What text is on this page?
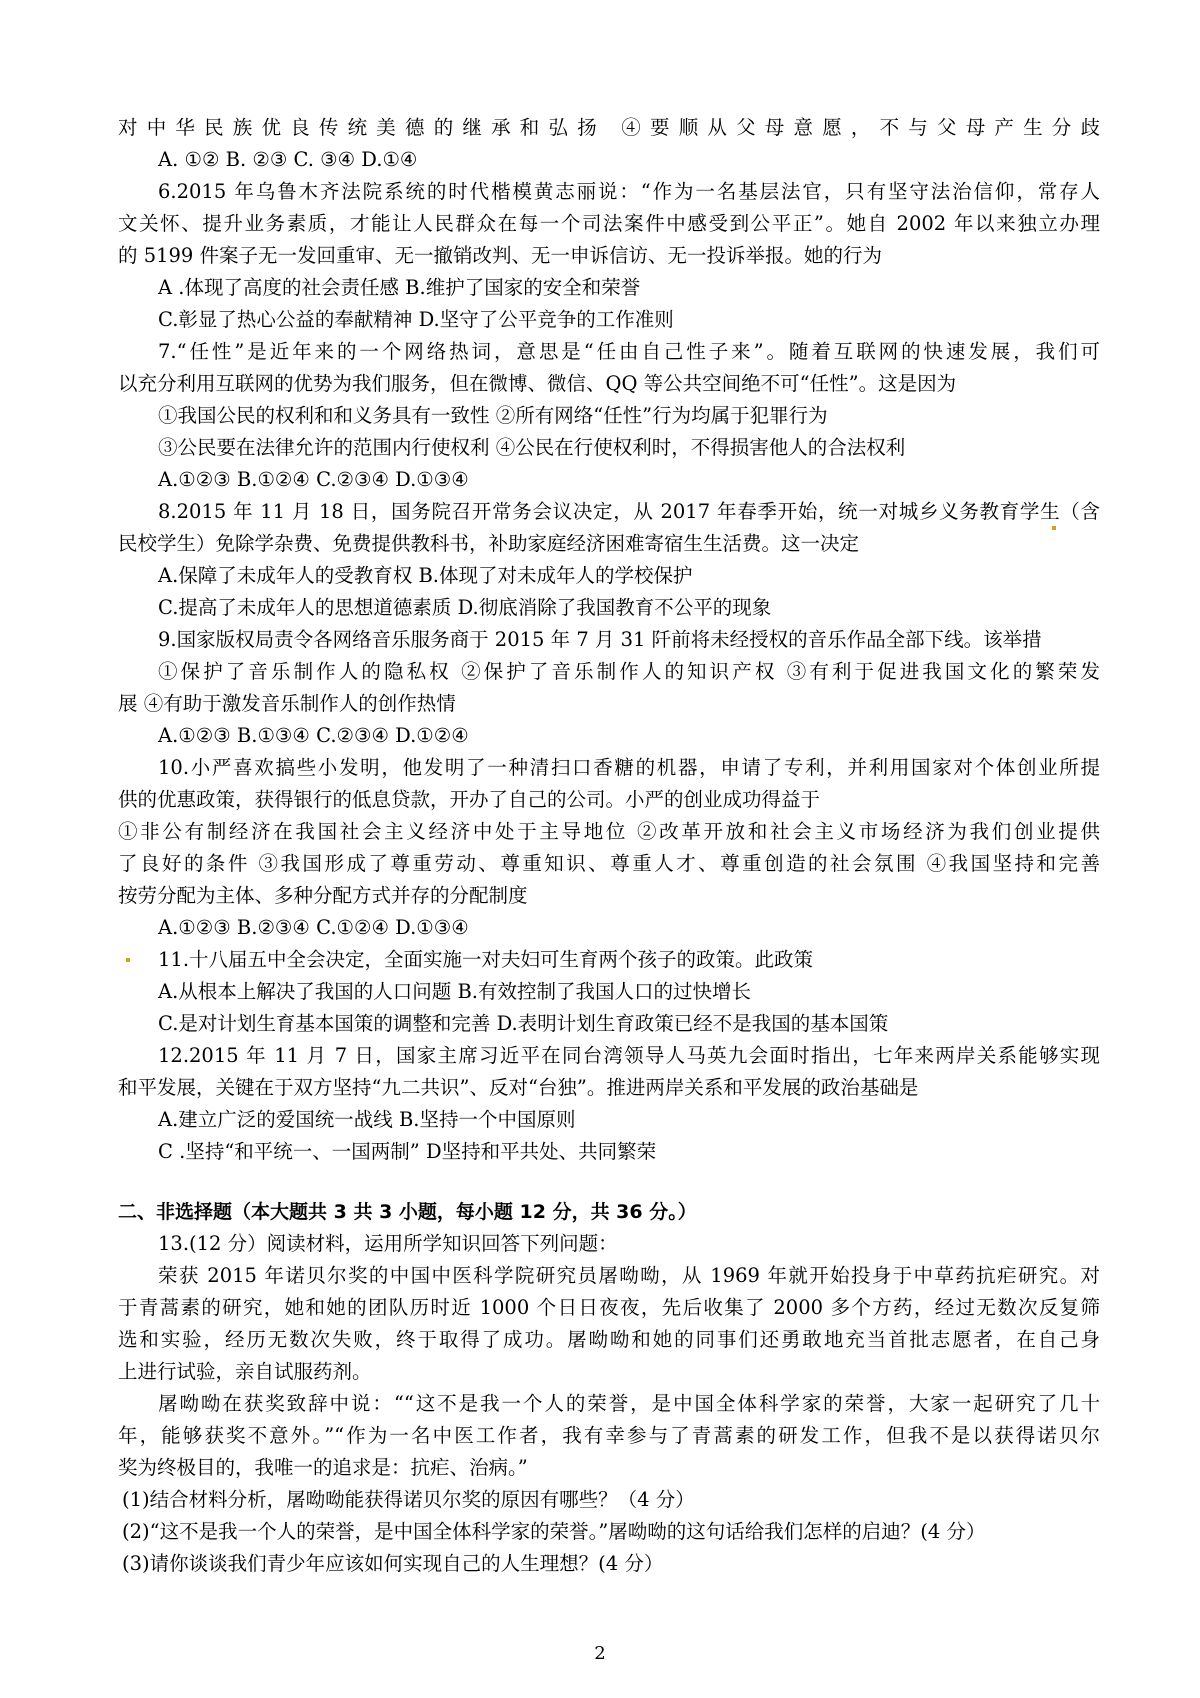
对中华民族优良传统美德的继承和弘扬 ④要顺从父母意愿，不与父母产生分歧
A. ①② B. ②③ C. ③④ D.①④
6.2015 年乌鲁木齐法院系统的时代楷模黄志丽说：“作为一名基层法官，只有坚守法治信仰，常存人
文关怀、提升业务素质，才能让人民群众在每一个司法案件中感受到公平正”。她自 2002 年以来独立办理
的 5199 件案子无一发回重审、无一撤销改判、无一申诉信访、无一投诉举报。她的行为
A .体现了高度的社会责任感 B.维护了国家的安全和荣誉
C.彰显了热心公益的奉献精神 D.坚守了公平竞争的工作准则
7.“任性”是近年来的一个网络热词，意思是“任由自己性子来”。随着互联网的快速发展，我们可
以充分利用互联网的优势为我们服务，但在微博、微信、QQ 等公共空间绝不可“任性”。这是因为
①我国公民的权利和和义务具有一致性 ②所有网络“任性”行为均属于犯罪行为
③公民要在法律允许的范围内行使权利 ④公民在行使权利时，不得损害他人的合法权利
A.①②③ B.①②④ C.②③④ D.①③④
8.2015 年 11 月 18 日，国务院召开常务会议决定，从 2017 年春季开始，统一对城乡义务教育学生（含
民校学生）免除学杂费、免费提供教科书，补助家庭经济困难寄宿生生活费。这一决定
A.保障了未成年人的受教育权 B.体现了对未成年人的学校保护
C.提高了未成年人的思想道德素质 D.彻底消除了我国教育不公平的现象
9.国家版权局责令各网络音乐服务商于 2015 年 7 月 31 阡前将未经授权的音乐作品全部下线。该举措
①保护了音乐制作人的隐私权 ②保护了音乐制作人的知识产权 ③有利于促进我国文化的繁荣发
展 ④有助于激发音乐制作人的创作热情
A.①②③ B.①③④ C.②③④ D.①②④
10.小严喜欢搞些小发明，他发明了一种清扫口香糖的机器，申请了专利，并利用国家对个体创业所提
供的优惠政策，获得银行的低息贷款，开办了自己的公司。小严的创业成功得益于
①非公有制经济在我国社会主义经济中处于主导地位 ②改革开放和社会主义市场经济为我们创业提供
了良好的条件 ③我国形成了尊重劳动、尊重知识、尊重人才、尊重创造的社会氛围 ④我国坚持和完善
按劳分配为主体、多种分配方式并存的分配制度
A.①②③ B.②③④ C.①②④ D.①③④
11.十八届五中全会决定，全面实施一对夫妇可生育两个孩子的政策。此政策
A.从根本上解决了我国的人口问题 B.有效控制了我国人口的过快增长
C.是对计划生育基本国策的调整和完善 D.表明计划生育政策已经不是我国的基本国策
12.2015 年 11 月 7 日，国家主席习近平在同台湾领导人马英九会面时指出，七年来两岸关系能够实现
和平发展，关键在于双方坚持“九二共识”、反对“台独”。推进两岸关系和平发展的政治基础是
A.建立广泛的爱国统一战线 B.坚持一个中国原则
C .坚持“和平统一、一国两制” D坚持和平共处、共同繁荣
二、非选择题（本大题共 3 共 3 小题，每小题 12 分，共 36 分。）
13.(12 分）阅读材料，运用所学知识回答下列问题：
荣获 2015 年诺贝尔奖的中国中医科学院研究员屠呦呦，从 1969 年就开始投身于中草药抗疟研究。对
于青蒿素的研究，她和她的团队历时近 1000 个日日夜夜，先后收集了 2000 多个方药，经过无数次反复筛
选和实验，经历无数次失败，终于取得了成功。屠呦呦和她的同事们还勇敢地充当首批志愿者，在自己身
上进行试验，亲自试服药剂。
屠呦呦在获奖致辞中说：““这不是我一个人的荣誉，是中国全体科学家的荣誉，大家一起研究了几十
年，能够获奖不意外。”“作为一名中医工作者，我有幸参与了青蒿素的研发工作，但我不是以获得诺贝尔
奖为终极目的，我唯一的追求是：抗疟、治病。”
(1)结合材料分析，屠呦呦能获得诺贝尔奖的原因有哪些？（4 分）
(2)“这不是我一个人的荣誉，是中国全体科学家的荣誉。”屠呦呦的这句话给我们怎样的启迪？(4 分）
(3)请你谈谈我们青少年应该如何实现自己的人生理想？(4 分）
2
